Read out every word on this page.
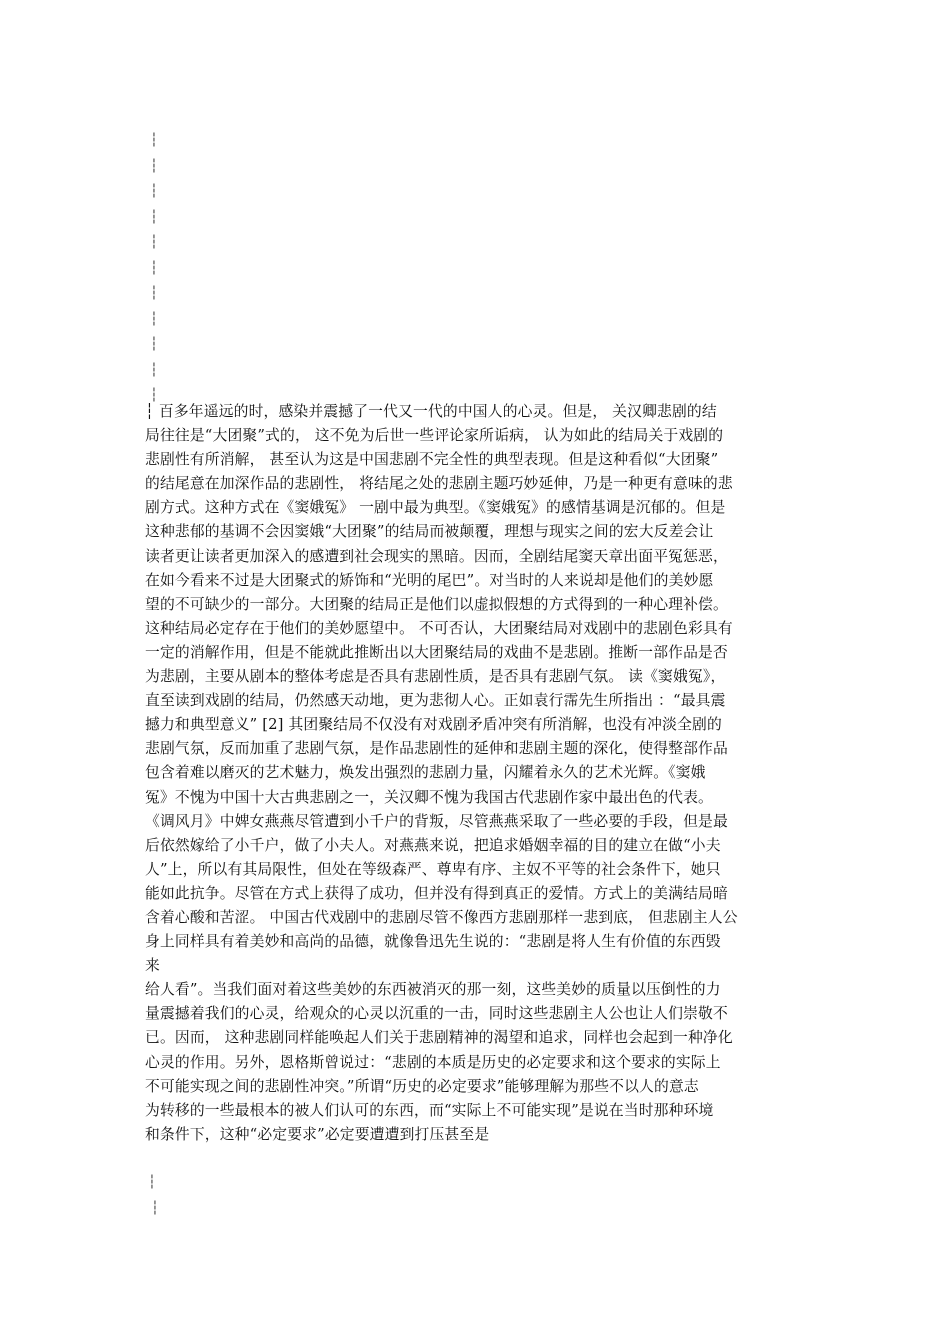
┆
┆
┆
┆
┆
┆
┆
┆
┆
┆
┆
┆ 百多年遥远的时，感染并震撼了一代又一代的中国人的心灵。但是， 关汉卿悲剧的结
局往往是“大团聚”式的， 这不免为后世一些评论家所诟病， 认为如此的结局关于戏剧的
悲剧性有所消解， 甚至认为这是中国悲剧不完全性的典型表现。但是这种看似“大团聚”
的结尾意在加深作品的悲剧性， 将结尾之处的悲剧主题巧妙延伸，乃是一种更有意味的悲
剧方式。这种方式在《窦娥冤》 一剧中最为典型。《窦娥冤》的感情基调是沉郁的。但是
这种悲郁的基调不会因窦娥“大团聚”的结局而被颠覆，理想与现实之间的宏大反差会让
读者更让读者更加深入的感遭到社会现实的黑暗。因而，全剧结尾窦天章出面平冤惩恶，
在如今看来不过是大团聚式的矫饰和“光明的尾巴”。对当时的人来说却是他们的美妙愿
望的不可缺少的一部分。大团聚的结局正是他们以虚拟假想的方式得到的一种心理补偿。
这种结局必定存在于他们的美妙愿望中。 不可否认，大团聚结局对戏剧中的悲剧色彩具有
一定的消解作用，但是不能就此推断出以大团聚结局的戏曲不是悲剧。推断一部作品是否
为悲剧，主要从剧本的整体考虑是否具有悲剧性质，是否具有悲剧气氛。 读《窦娥冤》，
直至读到戏剧的结局，仍然感天动地，更为悲彻人心。正如袁行霈先生所指出 ：“最具震
撼力和典型意义” [2] 其团聚结局不仅没有对戏剧矛盾冲突有所消解，也没有冲淡全剧的
悲剧气氛，反而加重了悲剧气氛，是作品悲剧性的延伸和悲剧主题的深化，使得整部作品
包含着难以磨灭的艺术魅力，焕发出强烈的悲剧力量，闪耀着永久的艺术光辉。《窦娥
冤》不愧为中国十大古典悲剧之一，关汉卿不愧为我国古代悲剧作家中最出色的代表。
《调风月》中婢女燕燕尽管遭到小千户的背叛，尽管燕燕采取了一些必要的手段，但是最
后依然嫁给了小千户，做了小夫人。对燕燕来说，把追求婚姻幸福的目的建立在做“小夫
人”上，所以有其局限性，但处在等级森严、尊卑有序、主奴不平等的社会条件下，她只
能如此抗争。尽管在方式上获得了成功，但并没有得到真正的爱情。方式上的美满结局暗
含着心酸和苦涩。 中国古代戏剧中的悲剧尽管不像西方悲剧那样一悲到底， 但悲剧主人公
身上同样具有着美妙和高尚的品德，就像鲁迅先生说的：“悲剧是将人生有价值的东西毁
来
给人看”。当我们面对着这些美妙的东西被消灭的那一刻，这些美妙的质量以压倒性的力
量震撼着我们的心灵，给观众的心灵以沉重的一击，同时这些悲剧主人公也让人们崇敬不
已。因而， 这种悲剧同样能唤起人们关于悲剧精神的渴望和追求，同样也会起到一种净化
心灵的作用。另外，恩格斯曾说过：“悲剧的本质是历史的必定要求和这个要求的实际上
不可能实现之间的悲剧性冲突。”所谓“历史的必定要求”能够理解为那些不以人的意志
为转移的一些最根本的被人们认可的东西，而“实际上不可能实现”是说在当时那种环境
和条件下，这种“必定要求”必定要遭遭到打压甚至是
┆
┆
